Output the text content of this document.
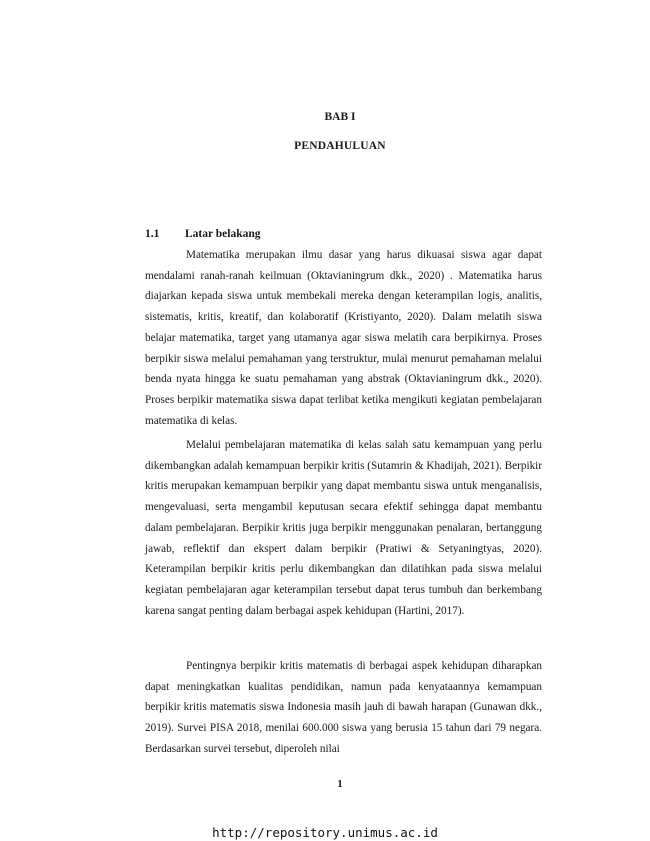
BAB I
PENDAHULUAN
1.1 Latar belakang

Matematika merupakan ilmu dasar yang harus dikuasai siswa agar dapat mendalami ranah-ranah keilmuan (Oktavianingrum dkk., 2020) . Matematika harus diajarkan kepada siswa untuk membekali mereka dengan keterampilan logis, analitis, sistematis, kritis, kreatif, dan kolaboratif (Kristiyanto, 2020). Dalam melatih siswa belajar matematika, target yang utamanya agar siswa melatih cara berpikirnya. Proses berpikir siswa melalui pemahaman yang terstruktur, mulai menurut pemahaman melalui benda nyata hingga ke suatu pemahaman yang abstrak (Oktavianingrum dkk., 2020). Proses berpikir matematika siswa dapat terlibat ketika mengikuti kegiatan pembelajaran matematika di kelas.

Melalui pembelajaran matematika di kelas salah satu kemampuan yang perlu dikembangkan adalah kemampuan berpikir kritis (Sutamrin & Khadijah, 2021). Berpikir kritis merupakan kemampuan berpikir yang dapat membantu siswa untuk menganalisis, mengevaluasi, serta mengambil keputusan secara efektif sehingga dapat membantu dalam pembelajaran. Berpikir kritis juga berpikir menggunakan penalaran, bertanggung jawab, reflektif dan ekspert dalam berpikir (Pratiwi & Setyaningtyas, 2020). Keterampilan berpikir kritis perlu dikembangkan dan dilatihkan pada siswa melalui kegiatan pembelajaran agar keterampilan tersebut dapat terus tumbuh dan berkembang karena sangat penting dalam berbagai aspek kehidupan (Hartini, 2017).

Pentingnya berpikir kritis matematis di berbagai aspek kehidupan diharapkan dapat meningkatkan kualitas pendidikan, namun pada kenyataannya kemampuan berpikir kritis matematis siswa Indonesia masih jauh di bawah harapan (Gunawan dkk., 2019). Survei PISA 2018, menilai 600.000 siswa yang berusia 15 tahun dari 79 negara. Berdasarkan survei tersebut, diperoleh nilai

1
http://repository.unimus.ac.id
